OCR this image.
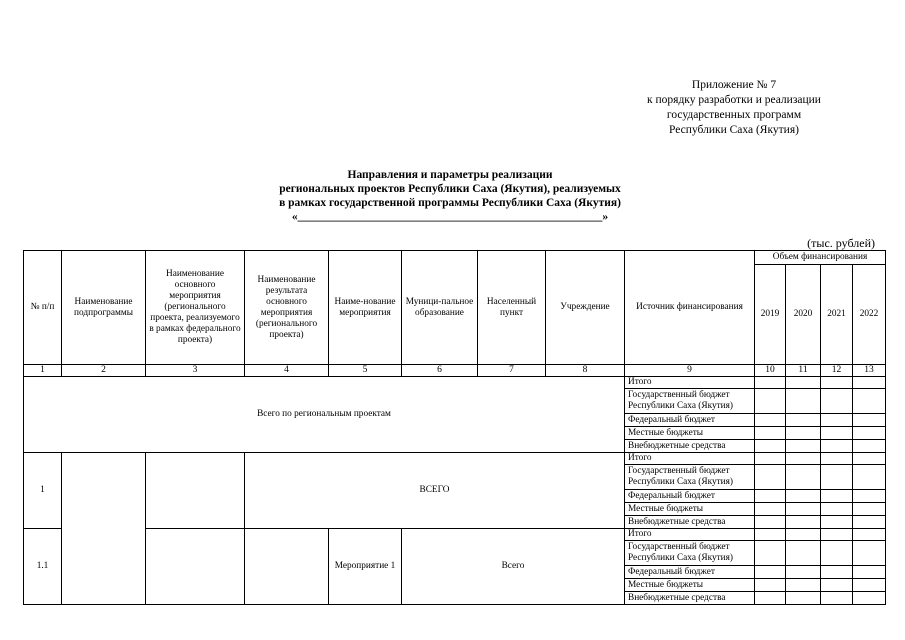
Приложение № 7
к порядку разработки и реализации
государственных программ
Республики Саха (Якутия)
Направления и параметры реализации
региональных проектов Республики Саха (Якутия), реализуемых
в рамках государственной программы Республики Саха (Якутия)
«_____________________________________________________»
(тыс. рублей)
№ п/п	Наименование подпрограммы	Наименование основного мероприятия (регионального проекта, реализуемого в рамках федерального проекта)	Наименование результата основного мероприятия (регионального проекта)	Наиме-нование мероприятия	Муници-пальное образование	Населенный пункт	Учреждение	Источник финансирования	Объем финансирования			
									2019	2020	2021	2022
1	2	3	4	5	6	7	8	9	10	11	12	13
Всего по региональным проектам								Итого				
								Государственный бюджет Республики Саха (Якутия)				
								Федеральный бюджет				
								Местные бюджеты				
								Внебюджетные средства				
1			ВСЕГО					Итого				
								Государственный бюджет Республики Саха (Якутия)				
								Федеральный бюджет				
								Местные бюджеты				
								Внебюджетные средства				
1.1				Мероприятие 1	Всего			Итого				
								Государственный бюджет Республики Саха (Якутия)				
								Федеральный бюджет				
								Местные бюджеты				
								Внебюджетные средства				
